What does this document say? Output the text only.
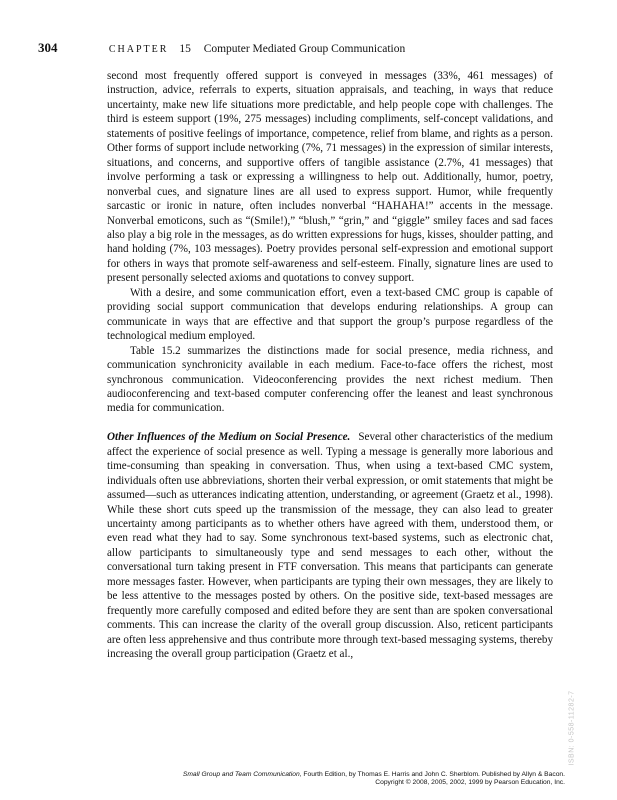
304	CHAPTER 15 Computer Mediated Group Communication

second most frequently offered support is conveyed in messages (33%, 461 messages) of instruction, advice, referrals to experts, situation appraisals, and teaching, in ways that reduce uncertainty, make new life situations more predictable, and help people cope with challenges. The third is esteem support (19%, 275 messages) including compliments, self-concept validations, and statements of positive feelings of importance, competence, relief from blame, and rights as a person. Other forms of support include networking (7%, 71 messages) in the expression of similar interests, situations, and concerns, and supportive offers of tangible assistance (2.7%, 41 messages) that involve performing a task or expressing a willingness to help out. Additionally, humor, poetry, nonverbal cues, and signature lines are all used to express support. Humor, while frequently sarcastic or ironic in nature, often includes nonverbal “HAHAHA!” accents in the message. Nonverbal emoticons, such as “(Smile!),” “blush,” “grin,” and “giggle” smiley faces and sad faces also play a big role in the messages, as do written expressions for hugs, kisses, shoulder patting, and hand holding (7%, 103 messages). Poetry provides personal self-expression and emotional support for others in ways that promote self-awareness and self-esteem. Finally, signature lines are used to present personally selected axioms and quotations to convey support.

With a desire, and some communication effort, even a text-based CMC group is capable of providing social support communication that develops enduring relationships. A group can communicate in ways that are effective and that support the group’s purpose regardless of the technological medium employed.

Table 15.2 summarizes the distinctions made for social presence, media richness, and communication synchronicity available in each medium. Face-to-face offers the richest, most synchronous communication. Videoconferencing provides the next richest medium. Then audioconferencing and text-based computer conferencing offer the leanest and least synchronous media for communication.

Other Influences of the Medium on Social Presence. Several other characteristics of the medium affect the experience of social presence as well. Typing a message is generally more laborious and time-consuming than speaking in conversation. Thus, when using a text-based CMC system, individuals often use abbreviations, shorten their verbal expression, or omit statements that might be assumed—such as utterances indicating attention, understanding, or agreement (Graetz et al., 1998). While these short cuts speed up the transmission of the message, they can also lead to greater uncertainty among participants as to whether others have agreed with them, understood them, or even read what they had to say. Some synchronous text-based systems, such as electronic chat, allow participants to simultaneously type and send messages to each other, without the conversational turn taking present in FTF conversation. This means that participants can generate more messages faster. However, when participants are typing their own messages, they are likely to be less attentive to the messages posted by others. On the positive side, text-based messages are frequently more carefully composed and edited before they are sent than are spoken conversational comments. This can increase the clarity of the overall group discussion. Also, reticent participants are often less apprehensive and thus contribute more through text-based messaging systems, thereby increasing the overall group participation (Graetz et al.,

Small Group and Team Communication, Fourth Edition, by Thomas E. Harris and John C. Sherblom. Published by Allyn & Bacon.
Copyright © 2008, 2005, 2002, 1999 by Pearson Education, Inc.
ISBN: 0-558-11282-7
